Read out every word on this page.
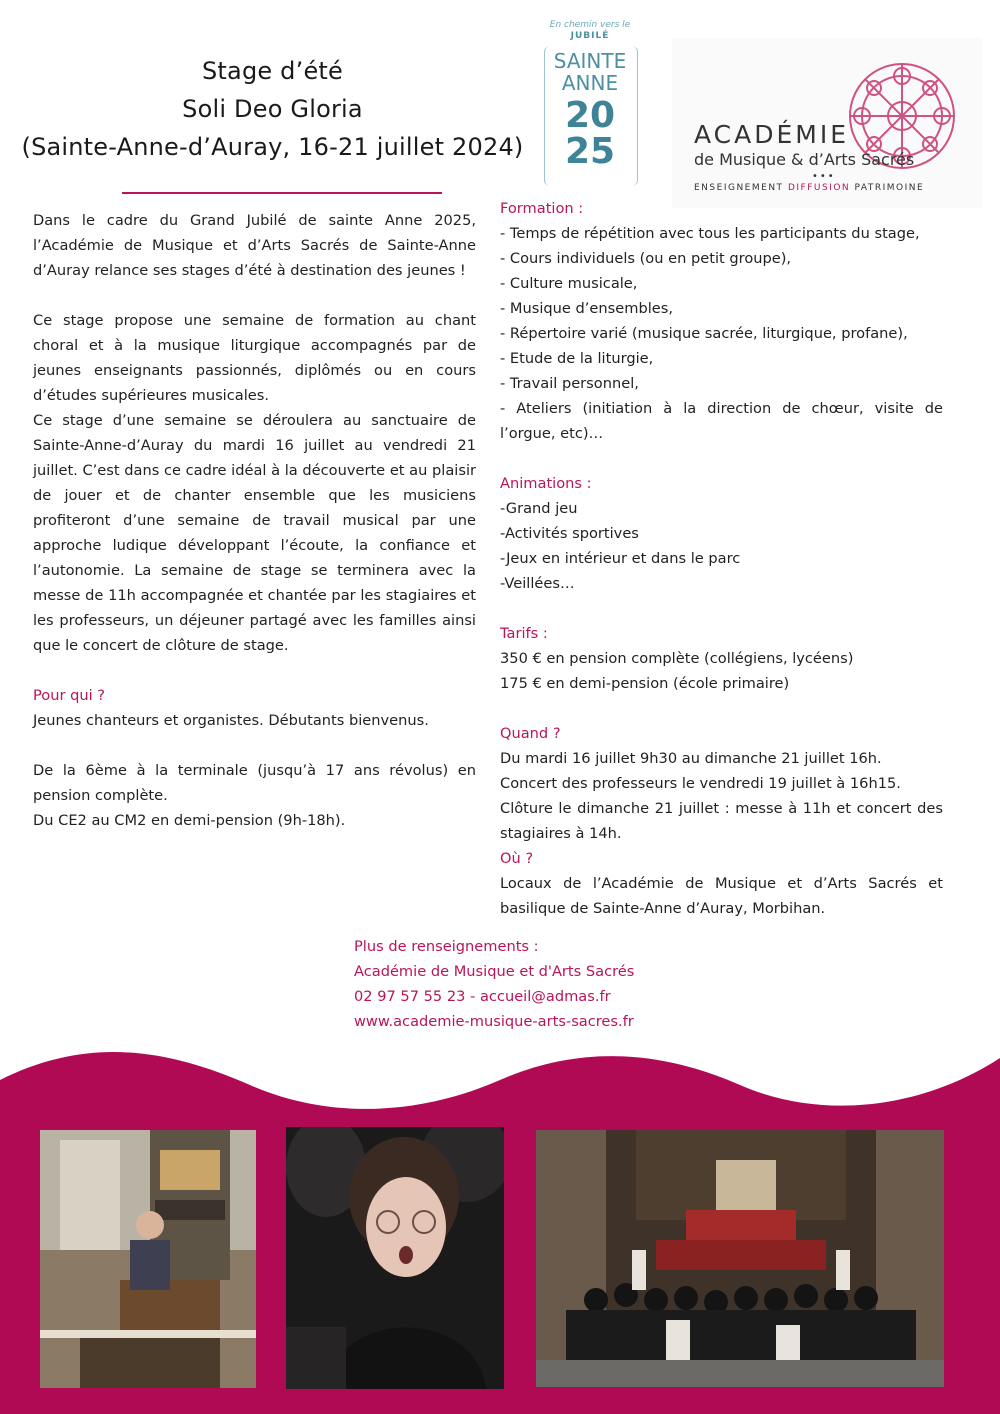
Stage d’été
Soli Deo Gloria
(Sainte-Anne-d’Auray, 16-21 juillet 2024)
En chemin vers le
JUBILÉ
SAINTE
ANNE
20
25	ACADÉMIE
de Musique & d’Arts Sacrés
•••
ENSEIGNEMENT DIFFUSION PATRIMOINE

Dans le cadre du Grand Jubilé de sainte Anne 2025, l’Académie de Musique et d’Arts Sacrés de Sainte-Anne d’Auray relance ses stages d’été à destination des jeunes !

Ce stage propose une semaine de formation au chant choral et à la musique liturgique accompagnés par de jeunes enseignants passionnés, diplômés ou en cours d’études supérieures musicales.

Ce stage d’une semaine se déroulera au sanctuaire de Sainte-Anne-d’Auray du mardi 16 juillet au vendredi 21 juillet. C’est dans ce cadre idéal à la découverte et au plaisir de jouer et de chanter ensemble que les musiciens profiteront d’une semaine de travail musical par une approche ludique développant l’écoute, la confiance et l’autonomie. La semaine de stage se terminera avec la messe de 11h accompagnée et chantée par les stagiaires et les professeurs, un déjeuner partagé avec les familles ainsi que le concert de clôture de stage.

Pour qui ?

Jeunes chanteurs et organistes. Débutants bienvenus.

De la 6ème à la terminale (jusqu’à 17 ans révolus) en pension complète.

Du CE2 au CM2 en demi-pension (9h-18h).

Formation :

- Temps de répétition avec tous les participants du stage,

- Cours individuels (ou en petit groupe),

- Culture musicale,

- Musique d’ensembles,

- Répertoire varié (musique sacrée, liturgique, profane),

- Etude de la liturgie,

- Travail personnel,

- Ateliers (initiation à la direction de chœur, visite de l’orgue, etc)…

Animations :

-Grand jeu

-Activités sportives

-Jeux en intérieur et dans le parc

-Veillées…

Tarifs :

350 € en pension complète (collégiens, lycéens)

175 € en demi-pension (école primaire)

Quand ?

Du mardi 16 juillet 9h30 au dimanche 21 juillet 16h.

Concert des professeurs le vendredi 19 juillet à 16h15.

Clôture le dimanche 21 juillet : messe à 11h et concert des stagiaires à 14h.

Où ?

Locaux de l’Académie de Musique et d’Arts Sacrés et basilique de Sainte-Anne d’Auray, Morbihan.

Plus de renseignements :
Académie de Musique et d'Arts Sacrés
02 97 57 55 23 - accueil@admas.fr
www.academie-musique-arts-sacres.fr
